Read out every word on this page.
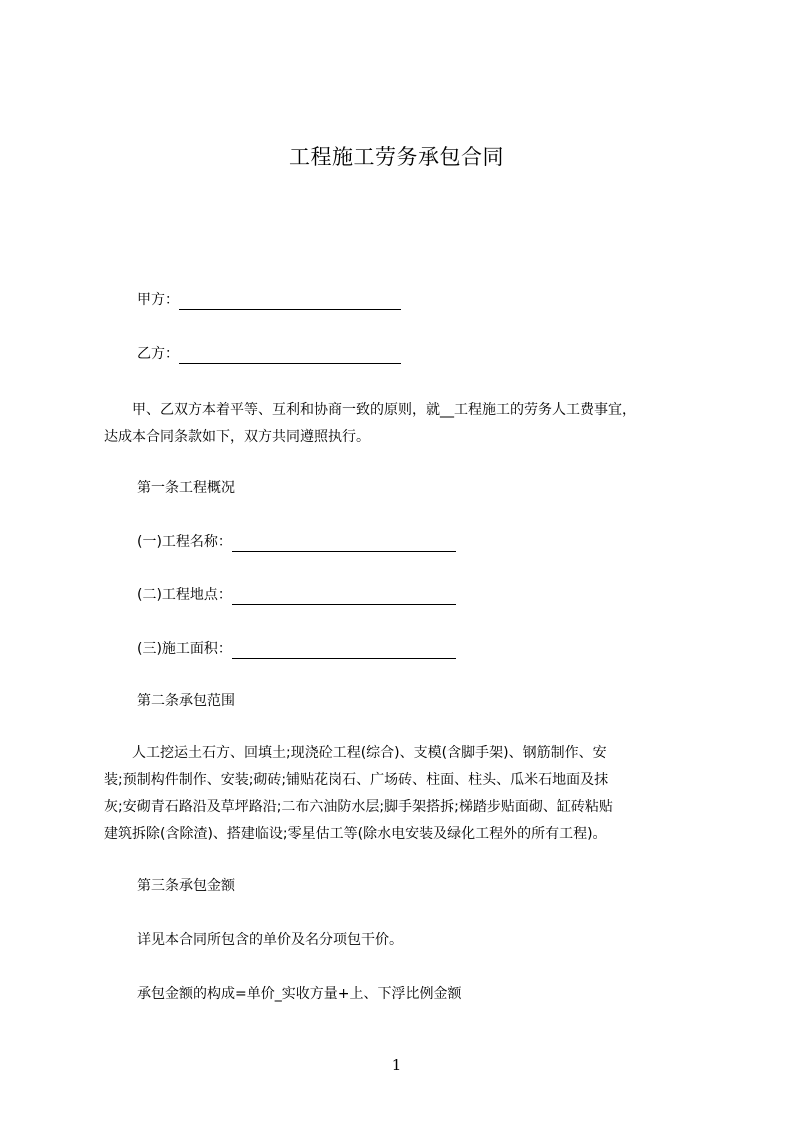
工程施工劳务承包合同
甲方：
乙方：
甲、乙双方本着平等、互利和协商一致的原则，就__工程施工的劳务人工费事宜，
达成本合同条款如下，双方共同遵照执行。
第一条工程概况
(一)工程名称：
(二)工程地点：
(三)施工面积：
第二条承包范围
人工挖运土石方、回填土;现浇砼工程(综合)、支模(含脚手架)、钢筋制作、安
装;预制构件制作、安装;砌砖;铺贴花岗石、广场砖、柱面、柱头、瓜米石地面及抹
灰;安砌青石路沿及草坪路沿;二布六油防水层;脚手架搭拆;梯踏步贴面砌、缸砖粘贴
建筑拆除(含除渣)、搭建临设;零星估工等(除水电安装及绿化工程外的所有工程)。
第三条承包金额
详见本合同所包含的单价及名分项包干价。
承包金额的构成=单价_实收方量+上、下浮比例金额
1
